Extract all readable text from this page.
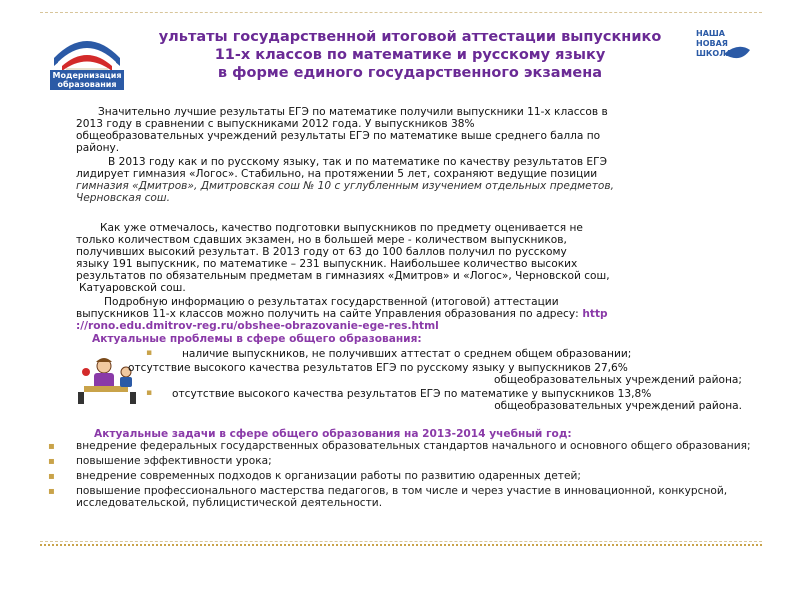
Модернизация
образования
НАША
НОВАЯ
ШКОЛА
ультаты государственной итоговой аттестации выпускнико
11-х классов по математике и русскому языку
в форме единого государственного экзамена
Значительно лучшие результаты ЕГЭ по математике получили выпускники 11-х классов в
2013 году в сравнении с выпускниками 2012 года. У выпускников 38%
общеобразовательных учреждений результаты ЕГЭ по математике выше среднего балла по
району.
В 2013 году как и по русскому языку, так и по математике по качеству результатов ЕГЭ
лидирует гимназия «Логос». Стабильно, на протяжении 5 лет, сохраняют ведущие позиции
гимназия «Дмитров», Дмитровская сош № 10 с углубленным изучением отдельных предметов,
Черновская сош.
Как уже отмечалось, качество подготовки выпускников по предмету оценивается не
только количеством сдавших экзамен, но в большей мере - количеством выпускников,
получивших высокий результат. В 2013 году от 63 до 100 баллов получил по русскому
языку 191 выпускник, по математике – 231 выпускник. Наибольшее количество высоких
результатов по обязательным предметам в гимназиях «Дмитров» и «Логос», Черновской сош,
Катуаровской сош.
Подробную информацию о результатах государственной (итоговой) аттестации
выпускников 11-х классов можно получить на сайте Управления образования по адресу: http
://rono.edu.dmitrov-reg.ru/obshee-obrazovanie-ege-res.html
Актуальные проблемы в сфере общего образования:
▪	наличие выпускников, не получивших аттестат о среднем общем образовании;
отсутствие высокого качества результатов ЕГЭ по русскому языку у выпускников 27,6%
общеобразовательных учреждений района;
▪ отсутствие высокого качества результатов ЕГЭ по математике у выпускников 13,8%
общеобразовательных учреждений района.
Актуальные задачи в сфере общего образования на 2013-2014 учебный год:
▪ внедрение федеральных государственных образовательных стандартов начального и основного общего образования;
▪ повышение эффективности урока;
▪ внедрение современных подходов к организации работы по развитию одаренных детей;
▪ повышение профессионального мастерства педагогов, в том числе и через участие в инновационной, конкурсной, исследовательской, публицистической деятельности.
